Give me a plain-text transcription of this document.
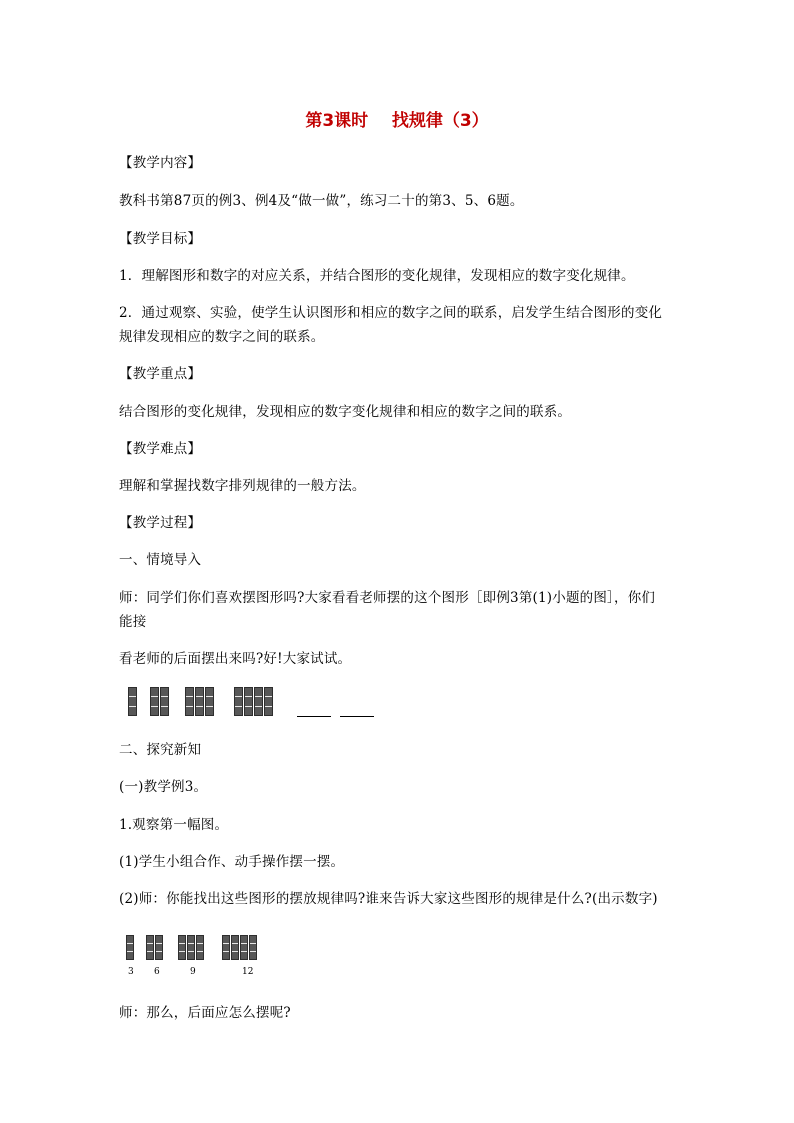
第3课时    找规律（3）
【教学内容】
教科书第87页的例3、例4及“做一做”，练习二十的第3、5、6题。
【教学目标】
1．理解图形和数字的对应关系，并结合图形的变化规律，发现相应的数字变化规律。
2．通过观察、实验，使学生认识图形和相应的数字之间的联系，启发学生结合图形的变化
规律发现相应的数字之间的联系。
【教学重点】
结合图形的变化规律，发现相应的数字变化规律和相应的数字之间的联系。
【教学难点】
理解和掌握找数字排列规律的一般方法。
【教学过程】
一、情境导入
师：同学们你们喜欢摆图形吗?大家看看老师摆的这个图形［即例3第(1)小题的图］，你们
能接
看老师的后面摆出来吗?好!大家试试。
二、探究新知
(一)教学例3。
1.观察第一幅图。
(1)学生小组合作、动手操作摆一摆。
(2)师：你能找出这些图形的摆放规律吗?谁来告诉大家这些图形的规律是什么?(出示数字)
3 6	9	12
师：那么，后面应怎么摆呢?
